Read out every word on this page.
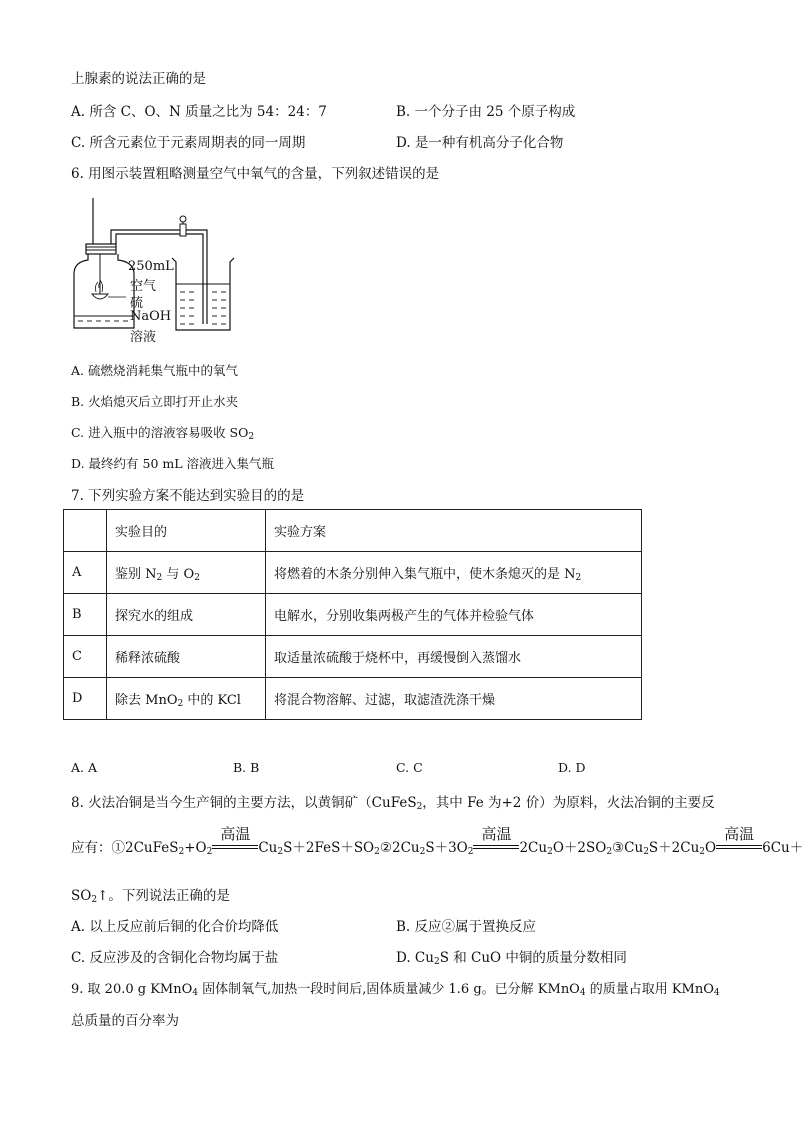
上腺素的说法正确的是
A. 所含 C、O、N 质量之比为 54：24：7	B. 一个分子由 25 个原子构成
C. 所含元素位于元素周期表的同一周期	D. 是一种有机高分子化合物
6. 用图示装置粗略测量空气中氧气的含量，下列叙述错误的是
250mL
空气
硫
NaOH
溶液
A. 硫燃烧消耗集气瓶中的氧气
B. 火焰熄灭后立即打开止水夹
C. 进入瓶中的溶液容易吸收 $SO_2$
D. 最终约有 50 mL 溶液进入集气瓶
7. 下列实验方案不能达到实验目的的是
	实验目的	实验方案
A	鉴别 $N_2$ 与 $O_2$	将燃着的木条分别伸入集气瓶中，使木条熄灭的是 $N_2$
B	探究水的组成	电解水，分别收集两极产生的气体并检验气体
C	稀释浓硫酸	取适量浓硫酸于烧杯中，再缓慢倒入蒸馏水
D	除去 MnO$_2$ 中的 KCl	将混合物溶解、过滤，取滤渣洗涤干燥
A. A	B. B	C. C	D. D
8. 火法冶铜是当今生产铜的主要方法，以黄铜矿（CuFeS$_2$，其中 Fe 为+2 价）为原料，火法冶铜的主要反
应有：$①2CuFeS_2+O_2$
高温
$Cu_2S+2FeS+SO_2②2Cu_2S+3O_2$
高温
$2Cu_2O+2SO_2③Cu_2S+2Cu_2O$
高温
6Cu＋
$SO_2↑$。下列说法正确的是
A. 以上反应前后铜的化合价均降低	B. 反应②属于置换反应
C. 反应涉及的含铜化合物均属于盐	D. $Cu_2S$ 和 CuO 中铜的质量分数相同
9. 取 20.0 g KMnO$_4$ 固体制氧气,加热一段时间后,固体质量减少 1.6 g。已分解 KMnO$_4$ 的质量占取用 KMnO$_4$
总质量的百分率为
